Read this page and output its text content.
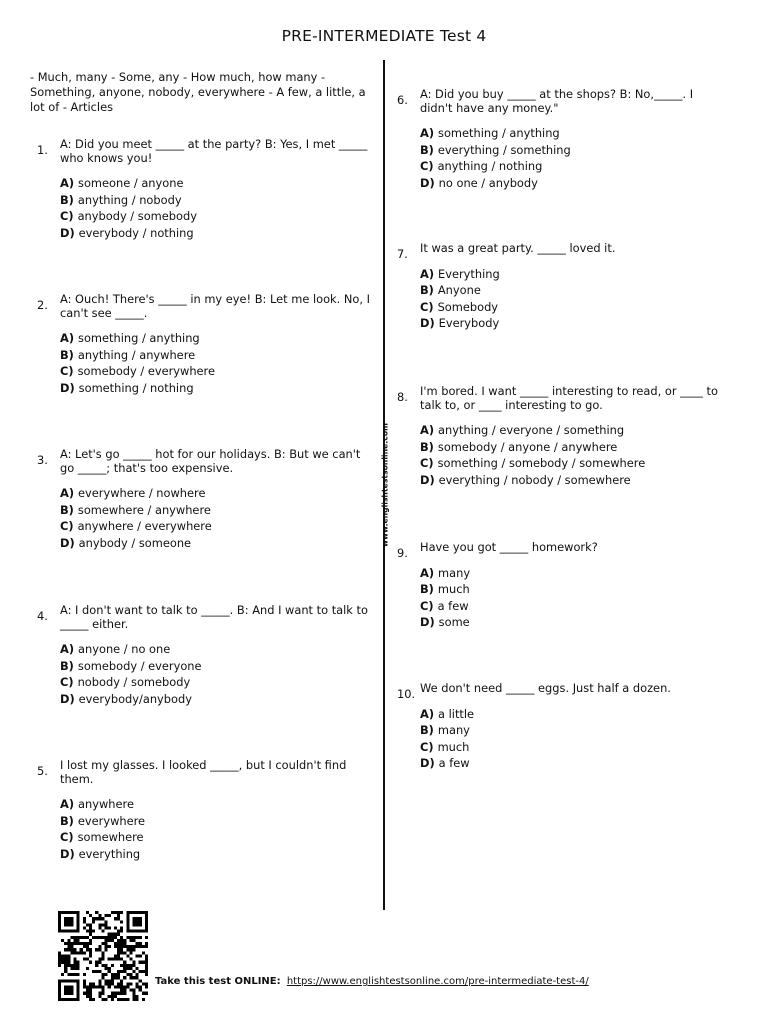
PRE-INTERMEDIATE Test 4
- Much, many - Some, any - How much, how many - Something, anyone, nobody, everywhere - A few, a little, a lot of - Articles
www.englishtestsonline.com
1. A: Did you meet _____ at the party? B: Yes, I met _____ who knows you!
A) someone / anyone
B) anything / nobody
C) anybody / somebody
D) everybody / nothing
2. A: Ouch! There's _____ in my eye! B: Let me look. No, I can't see _____.
A) something / anything
B) anything / anywhere
C) somebody / everywhere
D) something / nothing
3. A: Let's go _____ hot for our holidays. B: But we can't go _____; that's too expensive.
A) everywhere / nowhere
B) somewhere / anywhere
C) anywhere / everywhere
D) anybody / someone
4. A: I don't want to talk to _____. B: And I want to talk to _____ either.
A) anyone / no one
B) somebody / everyone
C) nobody / somebody
D) everybody/anybody
5. I lost my glasses. I looked _____, but I couldn't find them.
A) anywhere
B) everywhere
C) somewhere
D) everything
6. A: Did you buy _____ at the shops? B: No,_____. I didn't have any money."
A) something / anything
B) everything / something
C) anything / nothing
D) no one / anybody
7. It was a great party. _____ loved it.
A) Everything
B) Anyone
C) Somebody
D) Everybody
8. I'm bored. I want _____ interesting to read, or ____ to talk to, or ____ interesting to go.
A) anything / everyone / something
B) somebody / anyone / anywhere
C) something / somebody / somewhere
D) everything / nobody / somewhere
9. Have you got _____ homework?
A) many
B) much
C) a few
D) some
10. We don't need _____ eggs. Just half a dozen.
A) a little
B) many
C) much
D) a few
Take this test ONLINE: https://www.englishtestsonline.com/pre-intermediate-test-4/
